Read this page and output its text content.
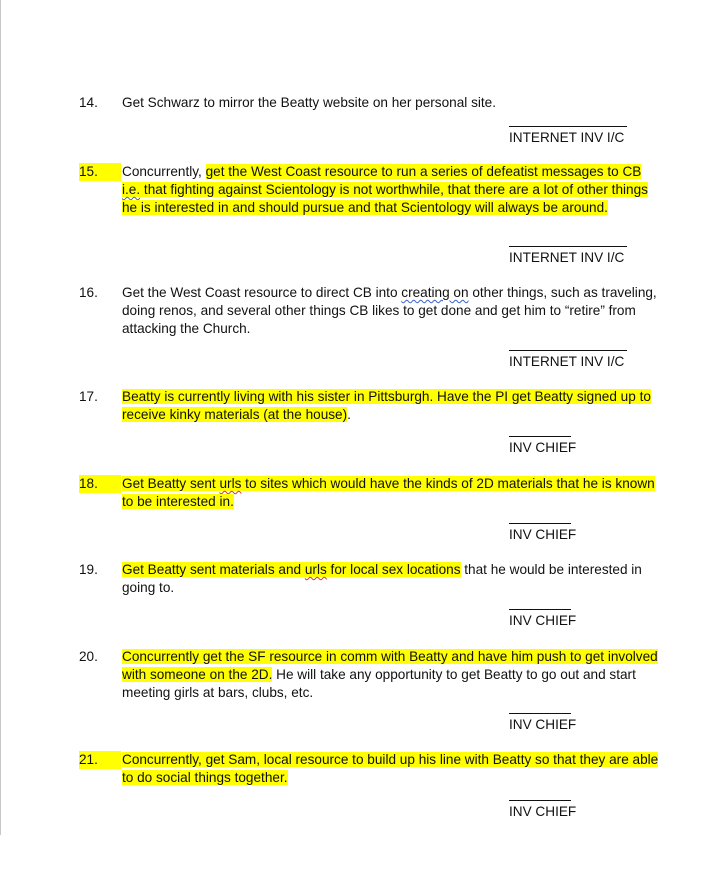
14.	Get Schwarz to mirror the Beatty website on her personal site.
INTERNET INV I/C
15.	Concurrently, get the West Coast resource to run a series of defeatist messages to CB i.e. that fighting against Scientology is not worthwhile, that there are a lot of other things he is interested in and should pursue and that Scientology will always be around.
INTERNET INV I/C
16.	Get the West Coast resource to direct CB into creating on other things, such as traveling, doing renos, and several other things CB likes to get done and get him to “retire” from attacking the Church.
INTERNET INV I/C
17.	Beatty is currently living with his sister in Pittsburgh. Have the PI get Beatty signed up to receive kinky materials (at the house).
INV CHIEF
18.	Get Beatty sent urls to sites which would have the kinds of 2D materials that he is known to be interested in.
INV CHIEF
19.	Get Beatty sent materials and urls for local sex locations that he would be interested in going to.
INV CHIEF
20.	Concurrently get the SF resource in comm with Beatty and have him push to get involved with someone on the 2D. He will take any opportunity to get Beatty to go out and start meeting girls at bars, clubs, etc.
INV CHIEF
21.	Concurrently, get Sam, local resource to build up his line with Beatty so that they are able to do social things together.
INV CHIEF
